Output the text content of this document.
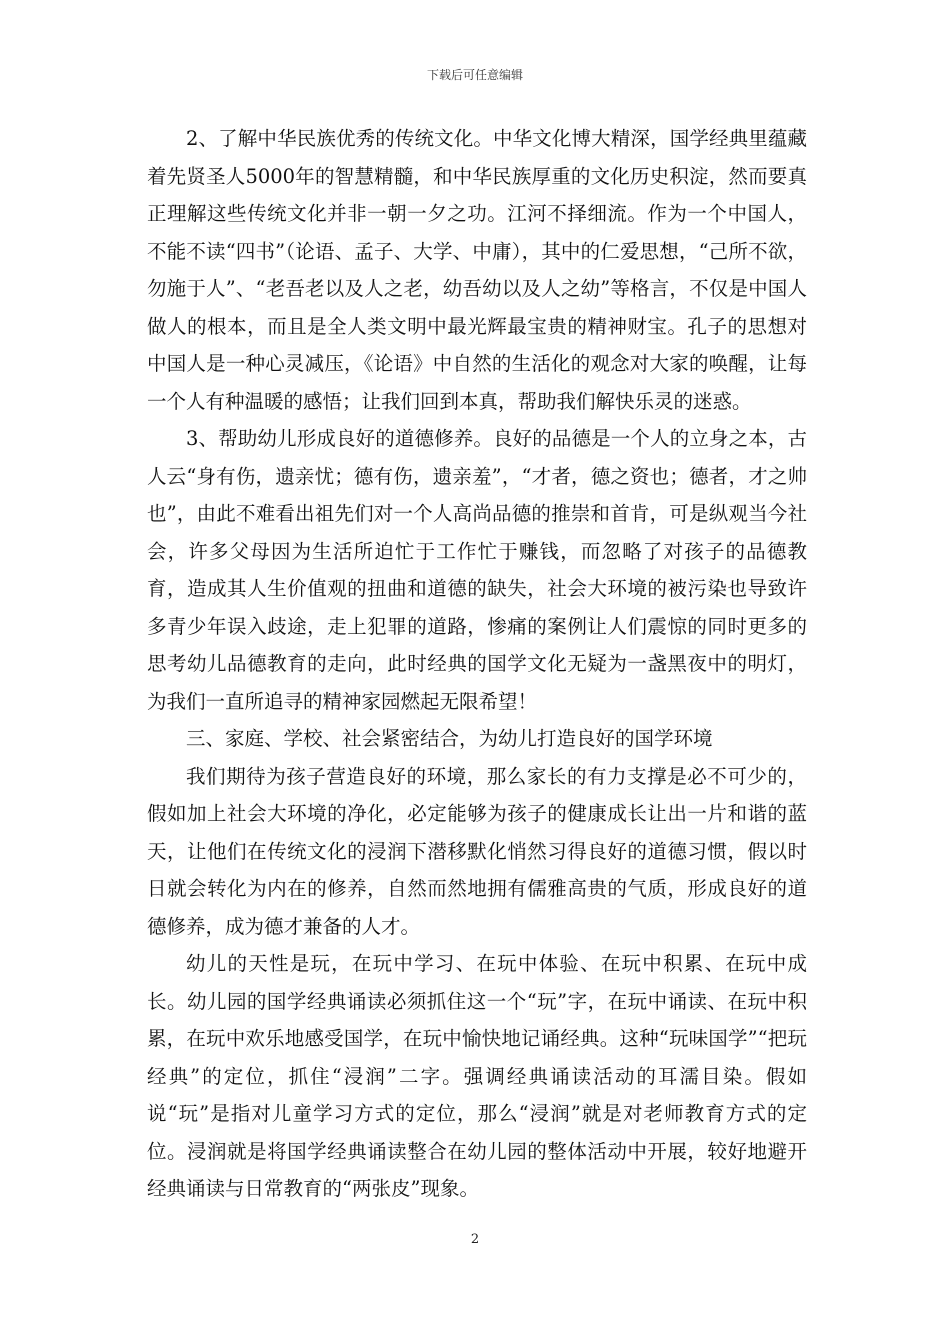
下载后可任意编辑

2、了解中华民族优秀的传统文化。中华文化博大精深，国学经典里蕴藏着先贤圣人5000年的智慧精髓，和中华民族厚重的文化历史积淀，然而要真正理解这些传统文化并非一朝一夕之功。江河不择细流。作为一个中国人，不能不读“四书”（论语、孟子、大学、中庸），其中的仁爱思想，“己所不欲，勿施于人”、“老吾老以及人之老，幼吾幼以及人之幼”等格言，不仅是中国人做人的根本，而且是全人类文明中最光辉最宝贵的精神财宝。孔子的思想对中国人是一种心灵减压，《论语》中自然的生活化的观念对大家的唤醒，让每一个人有种温暖的感悟；让我们回到本真，帮助我们解快乐灵的迷惑。

3、帮助幼儿形成良好的道德修养。良好的品德是一个人的立身之本，古人云“身有伤，遗亲忧；德有伤，遗亲羞”，“才者，德之资也；德者，才之帅也”，由此不难看出祖先们对一个人高尚品德的推崇和首肯，可是纵观当今社会，许多父母因为生活所迫忙于工作忙于赚钱，而忽略了对孩子的品德教育，造成其人生价值观的扭曲和道德的缺失，社会大环境的被污染也导致许多青少年误入歧途，走上犯罪的道路，惨痛的案例让人们震惊的同时更多的思考幼儿品德教育的走向，此时经典的国学文化无疑为一盏黑夜中的明灯，为我们一直所追寻的精神家园燃起无限希望！

三、家庭、学校、社会紧密结合，为幼儿打造良好的国学环境

我们期待为孩子营造良好的环境，那么家长的有力支撑是必不可少的，假如加上社会大环境的净化，必定能够为孩子的健康成长让出一片和谐的蓝天，让他们在传统文化的浸润下潜移默化悄然习得良好的道德习惯，假以时日就会转化为内在的修养，自然而然地拥有儒雅高贵的气质，形成良好的道德修养，成为德才兼备的人才。

幼儿的天性是玩，在玩中学习、在玩中体验、在玩中积累、在玩中成长。幼儿园的国学经典诵读必须抓住这一个“玩”字，在玩中诵读、在玩中积累，在玩中欢乐地感受国学，在玩中愉快地记诵经典。这种“玩味国学”“把玩经典”的定位，抓住“浸润”二字。强调经典诵读活动的耳濡目染。假如说“玩”是指对儿童学习方式的定位，那么“浸润”就是对老师教育方式的定位。浸润就是将国学经典诵读整合在幼儿园的整体活动中开展，较好地避开经典诵读与日常教育的“两张皮”现象。

2
